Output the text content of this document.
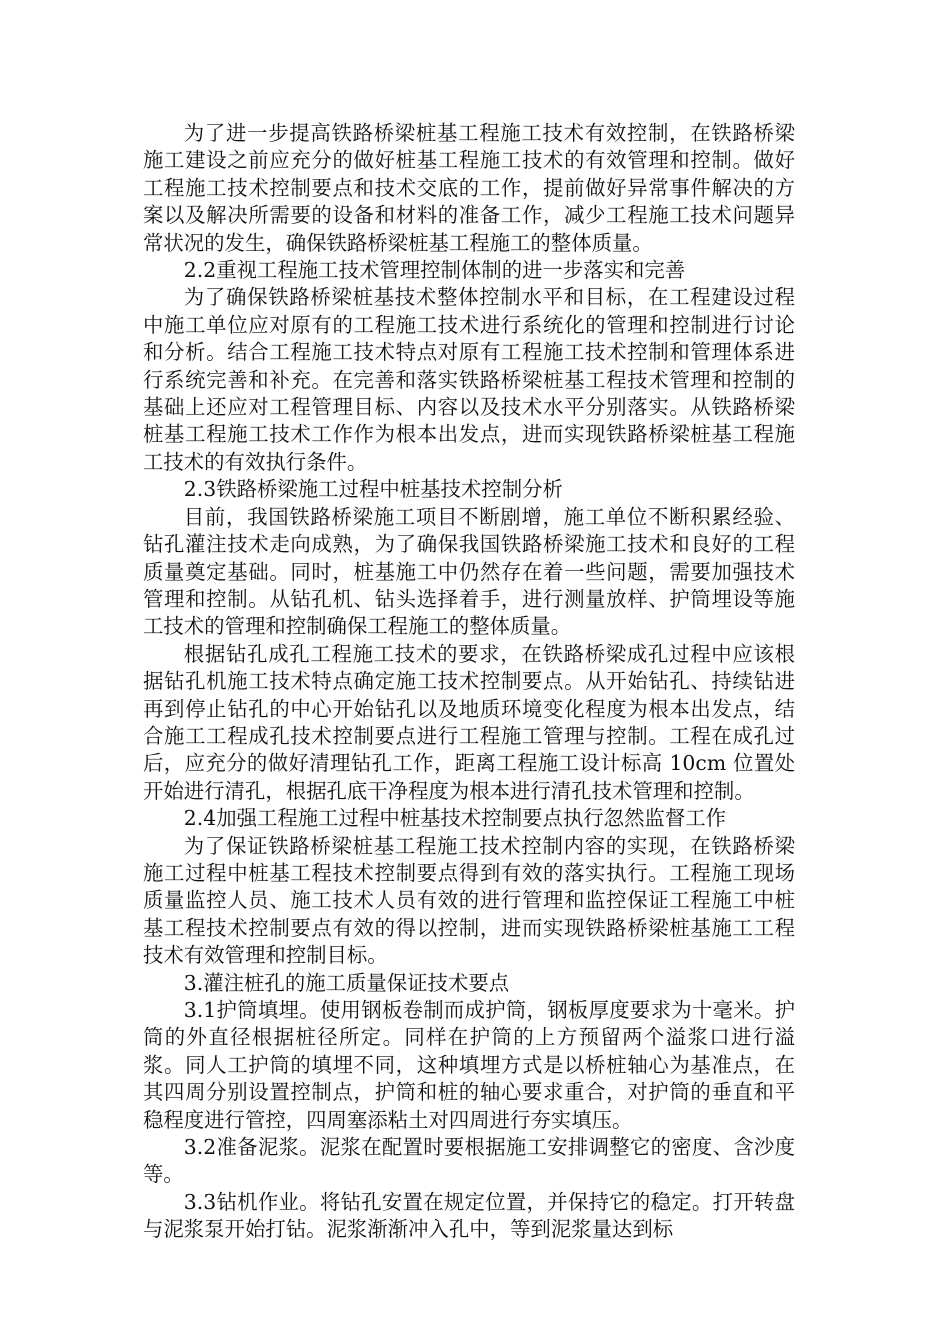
为了进一步提高铁路桥梁桩基工程施工技术有效控制，在铁路桥梁施工建设之前应充分的做好桩基工程施工技术的有效管理和控制。做好工程施工技术控制要点和技术交底的工作，提前做好异常事件解决的方案以及解决所需要的设备和材料的准备工作，减少工程施工技术问题异常状况的发生，确保铁路桥梁桩基工程施工的整体质量。

2.2重视工程施工技术管理控制体制的进一步落实和完善

为了确保铁路桥梁桩基技术整体控制水平和目标，在工程建设过程中施工单位应对原有的工程施工技术进行系统化的管理和控制进行讨论和分析。结合工程施工技术特点对原有工程施工技术控制和管理体系进行系统完善和补充。在完善和落实铁路桥梁桩基工程技术管理和控制的基础上还应对工程管理目标、内容以及技术水平分别落实。从铁路桥梁桩基工程施工技术工作作为根本出发点，进而实现铁路桥梁桩基工程施工技术的有效执行条件。

2.3铁路桥梁施工过程中桩基技术控制分析

目前，我国铁路桥梁施工项目不断剧增，施工单位不断积累经验、钻孔灌注技术走向成熟，为了确保我国铁路桥梁施工技术和良好的工程质量奠定基础。同时，桩基施工中仍然存在着一些问题，需要加强技术管理和控制。从钻孔机、钻头选择着手，进行测量放样、护筒埋设等施工技术的管理和控制确保工程施工的整体质量。

根据钻孔成孔工程施工技术的要求，在铁路桥梁成孔过程中应该根据钻孔机施工技术特点确定施工技术控制要点。从开始钻孔、持续钻进再到停止钻孔的中心开始钻孔以及地质环境变化程度为根本出发点，结合施工工程成孔技术控制要点进行工程施工管理与控制。工程在成孔过后，应充分的做好清理钻孔工作，距离工程施工设计标高 10cm 位置处开始进行清孔，根据孔底干净程度为根本进行清孔技术管理和控制。

2.4加强工程施工过程中桩基技术控制要点执行忽然监督工作

为了保证铁路桥梁桩基工程施工技术控制内容的实现，在铁路桥梁施工过程中桩基工程技术控制要点得到有效的落实执行。工程施工现场质量监控人员、施工技术人员有效的进行管理和监控保证工程施工中桩基工程技术控制要点有效的得以控制，进而实现铁路桥梁桩基施工工程技术有效管理和控制目标。

3.灌注桩孔的施工质量保证技术要点

3.1护筒填埋。使用钢板卷制而成护筒，钢板厚度要求为十毫米。护筒的外直径根据桩径所定。同样在护筒的上方预留两个溢浆口进行溢浆。同人工护筒的填埋不同，这种填埋方式是以桥桩轴心为基准点，在其四周分别设置控制点，护筒和桩的轴心要求重合，对护筒的垂直和平稳程度进行管控，四周塞添粘土对四周进行夯实填压。

3.2准备泥浆。泥浆在配置时要根据施工安排调整它的密度、含沙度等。

3.3钻机作业。将钻孔安置在规定位置，并保持它的稳定。打开转盘与泥浆泵开始打钻。泥浆渐渐冲入孔中，等到泥浆量达到标
